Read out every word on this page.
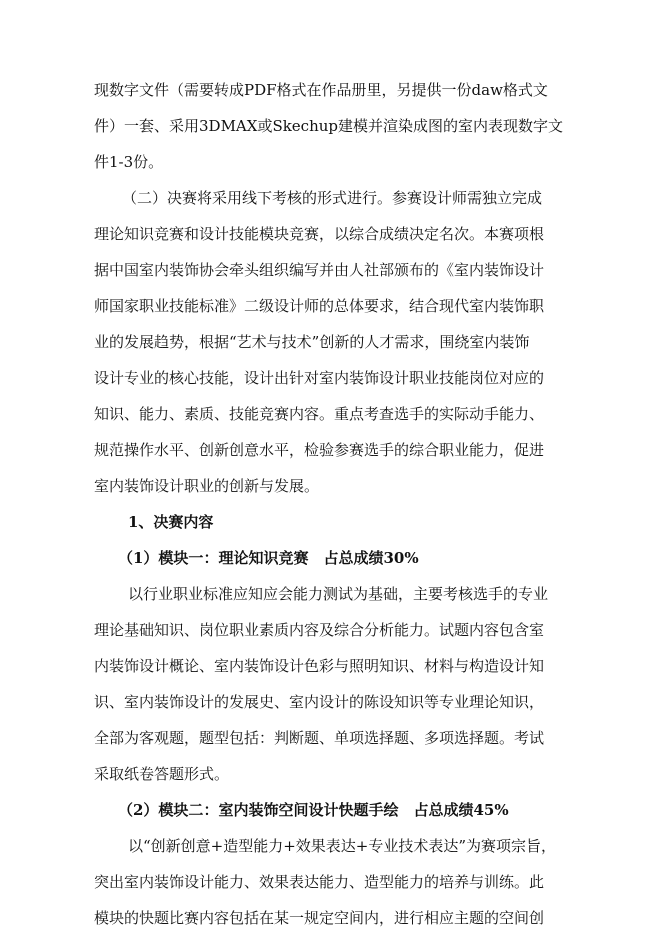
现数字文件（需要转成PDF格式在作品册里，另提供一份daw格式文
件）一套、采用3DMAX或Skechup建模并渲染成图的室内表现数字文
件1-3份。
（二）决赛将采用线下考核的形式进行。参赛设计师需独立完成
理论知识竞赛和设计技能模块竞赛，以综合成绩决定名次。本赛项根
据中国室内装饰协会牵头组织编写并由人社部颁布的《室内装饰设计
师国家职业技能标准》二级设计师的总体要求，结合现代室内装饰职
业的发展趋势，根据“艺术与技术”创新的人才需求，围绕室内装饰
设计专业的核心技能，设计出针对室内装饰设计职业技能岗位对应的
知识、能力、素质、技能竞赛内容。重点考查选手的实际动手能力、
规范操作水平、创新创意水平，检验参赛选手的综合职业能力，促进
室内装饰设计职业的创新与发展。
1、决赛内容
（1）模块一：理论知识竞赛　占总成绩30%
以行业职业标准应知应会能力测试为基础，主要考核选手的专业
理论基础知识、岗位职业素质内容及综合分析能力。试题内容包含室
内装饰设计概论、室内装饰设计色彩与照明知识、材料与构造设计知
识、室内装饰设计的发展史、室内设计的陈设知识等专业理论知识，
全部为客观题，题型包括：判断题、单项选择题、多项选择题。考试
采取纸卷答题形式。
（2）模块二：室内装饰空间设计快题手绘　占总成绩45%
以“创新创意+造型能力+效果表达+专业技术表达”为赛项宗旨，
突出室内装饰设计能力、效果表达能力、造型能力的培养与训练。此
模块的快题比赛内容包括在某一规定空间内，进行相应主题的空间创
